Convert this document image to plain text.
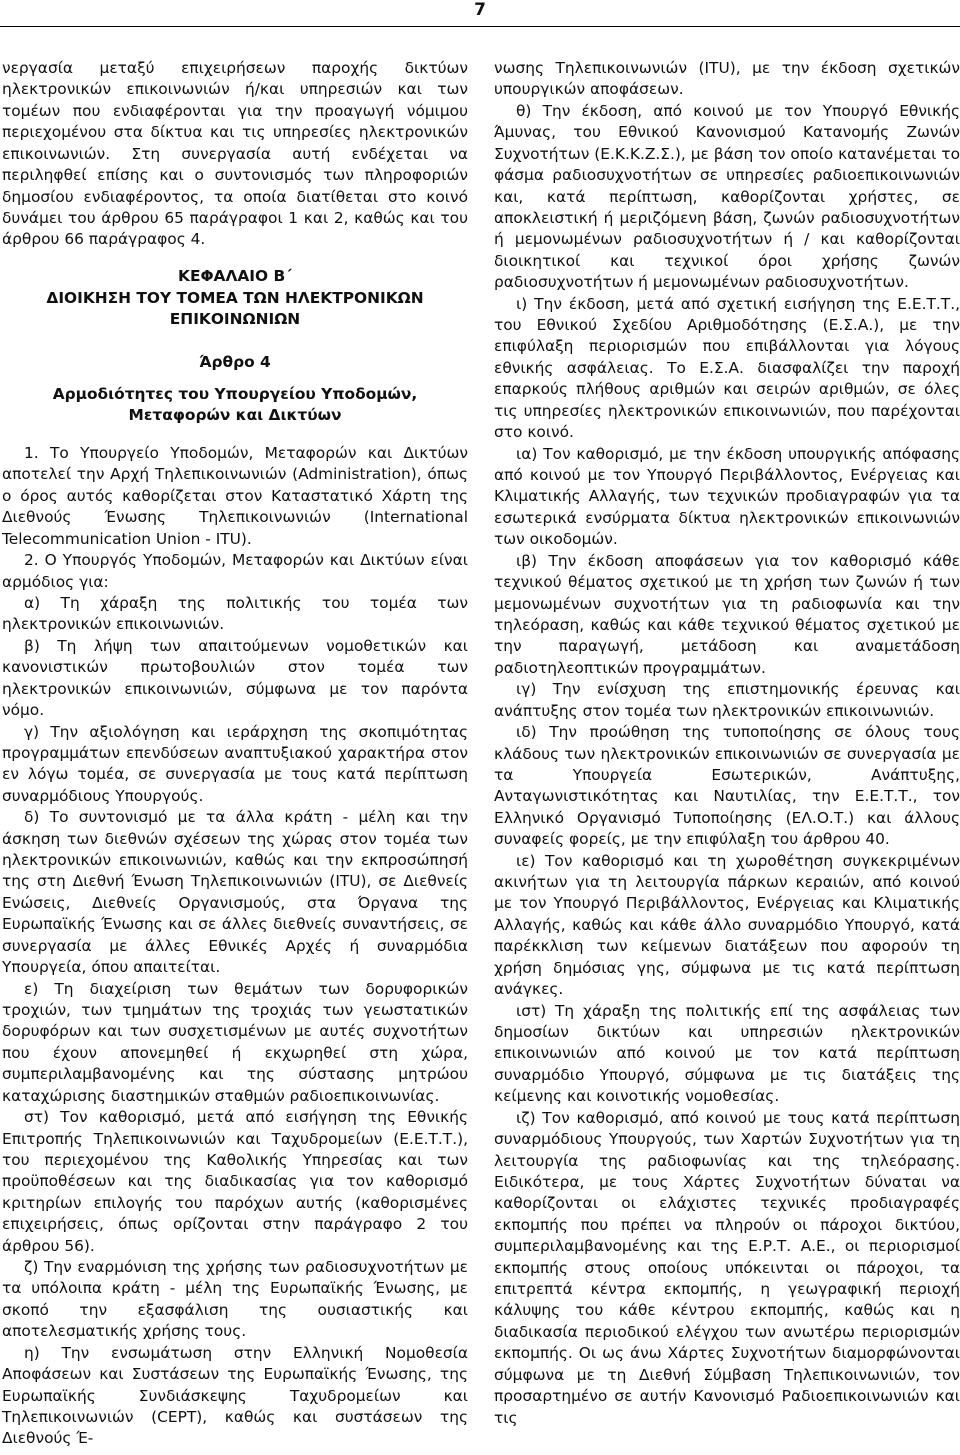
7

νεργασία μεταξύ επιχειρήσεων παροχής δικτύων ηλεκτρονικών επικοινωνιών ή/και υπηρεσιών και των τομέων που ενδιαφέρονται για την προαγωγή νόμιμου περιεχομένου στα δίκτυα και τις υπηρεσίες ηλεκτρονικών επικοινωνιών. Στη συνεργασία αυτή ενδέχεται να περιληφθεί επίσης και ο συντονισμός των πληροφοριών δημοσίου ενδιαφέροντος, τα οποία διατίθεται στο κοινό δυνάμει του άρθρου 65 παράγραφοι 1 και 2, καθώς και του άρθρου 66 παράγραφος 4.

ΚΕΦΑΛΑΙΟ Β΄
ΔΙΟΙΚΗΣΗ ΤΟΥ ΤΟΜΕΑ ΤΩΝ ΗΛΕΚΤΡΟΝΙΚΩΝ
ΕΠΙΚΟΙΝΩΝΙΩΝ
Άρθρο 4
Αρμοδιότητες του Υπουργείου Υποδομών,
Μεταφορών και Δικτύων

1. Το Υπουργείο Υποδομών, Μεταφορών και Δικτύων αποτελεί την Αρχή Τηλεπικοινωνιών (Administration), όπως ο όρος αυτός καθορίζεται στον Καταστατικό Χάρτη της Διεθνούς Ένωσης Τηλεπικοινωνιών (International Telecommunication Union - ITU).

2. Ο Υπουργός Υποδομών, Μεταφορών και Δικτύων είναι αρμόδιος για:

α) Τη χάραξη της πολιτικής του τομέα των ηλεκτρονικών επικοινωνιών.

β) Τη λήψη των απαιτούμενων νομοθετικών και κανονιστικών πρωτοβουλιών στον τομέα των ηλεκτρονικών επικοινωνιών, σύμφωνα με τον παρόντα νόμο.

γ) Την αξιολόγηση και ιεράρχηση της σκοπιμότητας προγραμμάτων επενδύσεων αναπτυξιακού χαρακτήρα στον εν λόγω τομέα, σε συνεργασία με τους κατά περίπτωση συναρμόδιους Υπουργούς.

δ) Το συντονισμό με τα άλλα κράτη - μέλη και την άσκηση των διεθνών σχέσεων της χώρας στον τομέα των ηλεκτρονικών επικοινωνιών, καθώς και την εκπροσώπησή της στη Διεθνή Ένωση Τηλεπικοινωνιών (ITU), σε Διεθνείς Ενώσεις, Διεθνείς Οργανισμούς, στα Όργανα της Ευρωπαϊκής Ένωσης και σε άλλες διεθνείς συναντήσεις, σε συνεργασία με άλλες Εθνικές Αρχές ή συναρμόδια Υπουργεία, όπου απαιτείται.

ε) Τη διαχείριση των θεμάτων των δορυφορικών τροχιών, των τμημάτων της τροχιάς των γεωστατικών δορυφόρων και των συσχετισμένων με αυτές συχνοτήτων που έχουν απονεμηθεί ή εκχωρηθεί στη χώρα, συμπεριλαμβανομένης και της σύστασης μητρώου καταχώρισης διαστημικών σταθμών ραδιοεπικοινωνίας.

στ) Τον καθορισμό, μετά από εισήγηση της Εθνικής Επιτροπής Τηλεπικοινωνιών και Ταχυδρομείων (Ε.Ε.Τ.Τ.), του περιεχομένου της Καθολικής Υπηρεσίας και των προϋποθέσεων και της διαδικασίας για τον καθορισμό κριτηρίων επιλογής του παρόχων αυτής (καθορισμένες επιχειρήσεις, όπως ορίζονται στην παράγραφο 2 του άρθρου 56).

ζ) Την εναρμόνιση της χρήσης των ραδιοσυχνοτήτων με τα υπόλοιπα κράτη - μέλη της Ευρωπαϊκής Ένωσης, με σκοπό την εξασφάλιση της ουσιαστικής και αποτελεσματικής χρήσης τους.

η) Την ενσωμάτωση στην Ελληνική Νομοθεσία Αποφάσεων και Συστάσεων της Ευρωπαϊκής Ένωσης, της Ευρωπαϊκής Συνδιάσκεψης Ταχυδρομείων και Τηλεπικοινωνιών (CEPT), καθώς και συστάσεων της Διεθνούς Έ-

νωσης Τηλεπικοινωνιών (ITU), με την έκδοση σχετικών υπουργικών αποφάσεων.

θ) Την έκδοση, από κοινού με τον Υπουργό Εθνικής Άμυνας, του Εθνικού Κανονισμού Κατανομής Ζωνών Συχνοτήτων (Ε.Κ.Κ.Ζ.Σ.), με βάση τον οποίο κατανέμεται το φάσμα ραδιοσυχνοτήτων σε υπηρεσίες ραδιοεπικοινωνιών και, κατά περίπτωση, καθορίζονται χρήστες, σε αποκλειστική ή μεριζόμενη βάση, ζωνών ραδιοσυχνοτήτων ή μεμονωμένων ραδιοσυχνοτήτων ή / και καθορίζονται διοικητικοί και τεχνικοί όροι χρήσης ζωνών ραδιοσυχνοτήτων ή μεμονωμένων ραδιοσυχνοτήτων.

ι) Την έκδοση, μετά από σχετική εισήγηση της Ε.Ε.Τ.Τ., του Εθνικού Σχεδίου Αριθμοδότησης (Ε.Σ.Α.), με την επιφύλαξη περιορισμών που επιβάλλονται για λόγους εθνικής ασφάλειας. Το Ε.Σ.Α. διασφαλίζει την παροχή επαρκούς πλήθους αριθμών και σειρών αριθμών, σε όλες τις υπηρεσίες ηλεκτρονικών επικοινωνιών, που παρέχονται στο κοινό.

ια) Τον καθορισμό, με την έκδοση υπουργικής απόφασης από κοινού με τον Υπουργό Περιβάλλοντος, Ενέργειας και Κλιματικής Αλλαγής, των τεχνικών προδιαγραφών για τα εσωτερικά ενσύρματα δίκτυα ηλεκτρονικών επικοινωνιών των οικοδομών.

ιβ) Την έκδοση αποφάσεων για τον καθορισμό κάθε τεχνικού θέματος σχετικού με τη χρήση των ζωνών ή των μεμονωμένων συχνοτήτων για τη ραδιοφωνία και την τηλεόραση, καθώς και κάθε τεχνικού θέματος σχετικού με την παραγωγή, μετάδοση και αναμετάδοση ραδιοτηλεοπτικών προγραμμάτων.

ιγ) Την ενίσχυση της επιστημονικής έρευνας και ανάπτυξης στον τομέα των ηλεκτρονικών επικοινωνιών.

ιδ) Την προώθηση της τυποποίησης σε όλους τους κλάδους των ηλεκτρονικών επικοινωνιών σε συνεργασία με τα Υπουργεία Εσωτερικών, Ανάπτυξης, Ανταγωνιστικότητας και Ναυτιλίας, την Ε.Ε.Τ.Τ., τον Ελληνικό Οργανισμό Τυποποίησης (ΕΛ.Ο.Τ.) και άλλους συναφείς φορείς, με την επιφύλαξη του άρθρου 40.

ιε) Τον καθορισμό και τη χωροθέτηση συγκεκριμένων ακινήτων για τη λειτουργία πάρκων κεραιών, από κοινού με τον Υπουργό Περιβάλλοντος, Ενέργειας και Κλιματικής Αλλαγής, καθώς και κάθε άλλο συναρμόδιο Υπουργό, κατά παρέκκλιση των κείμενων διατάξεων που αφορούν τη χρήση δημόσιας γης, σύμφωνα με τις κατά περίπτωση ανάγκες.

ιστ) Τη χάραξη της πολιτικής επί της ασφάλειας των δημοσίων δικτύων και υπηρεσιών ηλεκτρονικών επικοινωνιών από κοινού με τον κατά περίπτωση συναρμόδιο Υπουργό, σύμφωνα με τις διατάξεις της κείμενης και κοινοτικής νομοθεσίας.

ιζ) Τον καθορισμό, από κοινού με τους κατά περίπτωση συναρμόδιους Υπουργούς, των Χαρτών Συχνοτήτων για τη λειτουργία της ραδιοφωνίας και της τηλεόρασης. Ειδικότερα, με τους Χάρτες Συχνοτήτων δύναται να καθορίζονται οι ελάχιστες τεχνικές προδιαγραφές εκπομπής που πρέπει να πληρούν οι πάροχοι δικτύου, συμπεριλαμβανομένης και της Ε.Ρ.Τ. Α.Ε., οι περιορισμοί εκπομπής στους οποίους υπόκεινται οι πάροχοι, τα επιτρεπτά κέντρα εκπομπής, η γεωγραφική περιοχή κάλυψης του κάθε κέντρου εκπομπής, καθώς και η διαδικασία περιοδικού ελέγχου των ανωτέρω περιορισμών εκπομπής. Οι ως άνω Χάρτες Συχνοτήτων διαμορφώνονται σύμφωνα με τη Διεθνή Σύμβαση Τηλεπικοινωνιών, τον προσαρτημένο σε αυτήν Κανονισμό Ραδιοεπικοινωνιών και τις
